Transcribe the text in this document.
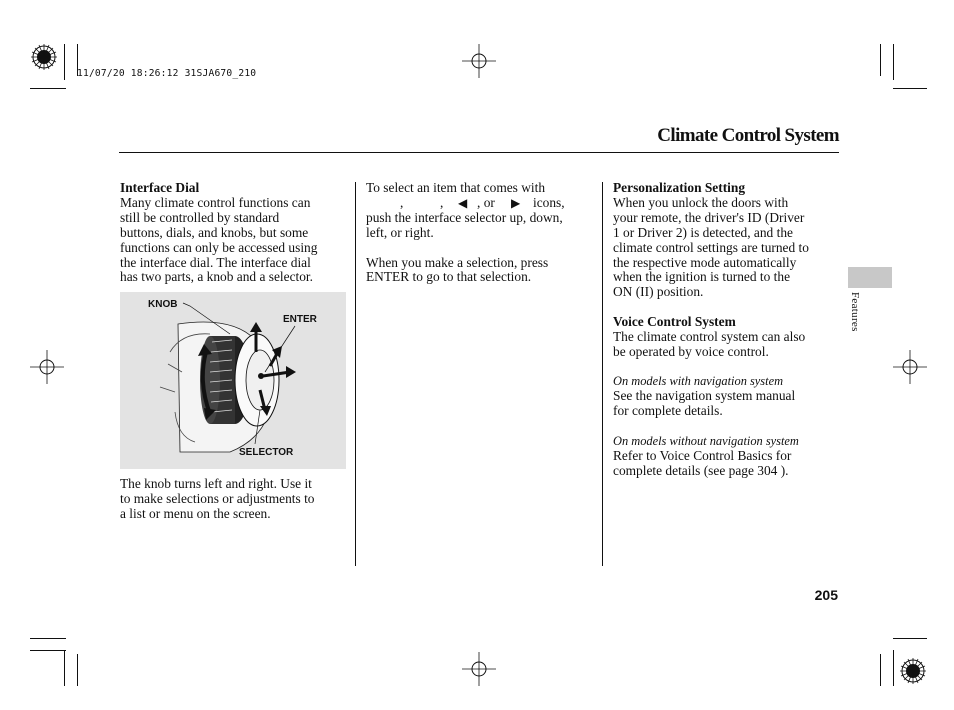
11/07/20 18:26:12 31SJA670_210
Climate Control System
Features

Interface Dial

Many climate control functions can

still be controlled by standard

buttons, dials, and knobs, but some

functions can only be accessed using

the interface dial. The interface dial

has two parts, a knob and a selector.

KNOB
ENTER
SELECTOR

The knob turns left and right. Use it

to make selections or adjustments to

a list or menu on the screen.

To select an item that comes with

,	, ◀ , or ▶ icons,

push the interface selector up, down,

left, or right.

When you make a selection, press

ENTER to go to that selection.

Personalization Setting

When you unlock the doors with

your remote, the driver's ID (Driver

1 or Driver 2) is detected, and the

climate control settings are turned to

the respective mode automatically

when the ignition is turned to the

ON (II) position.

Voice Control System

The climate control system can also

be operated by voice control.

On models with navigation system

See the navigation system manual

for complete details.

On models without navigation system

Refer to Voice Control Basics for

complete details (see page 304 ).

205
